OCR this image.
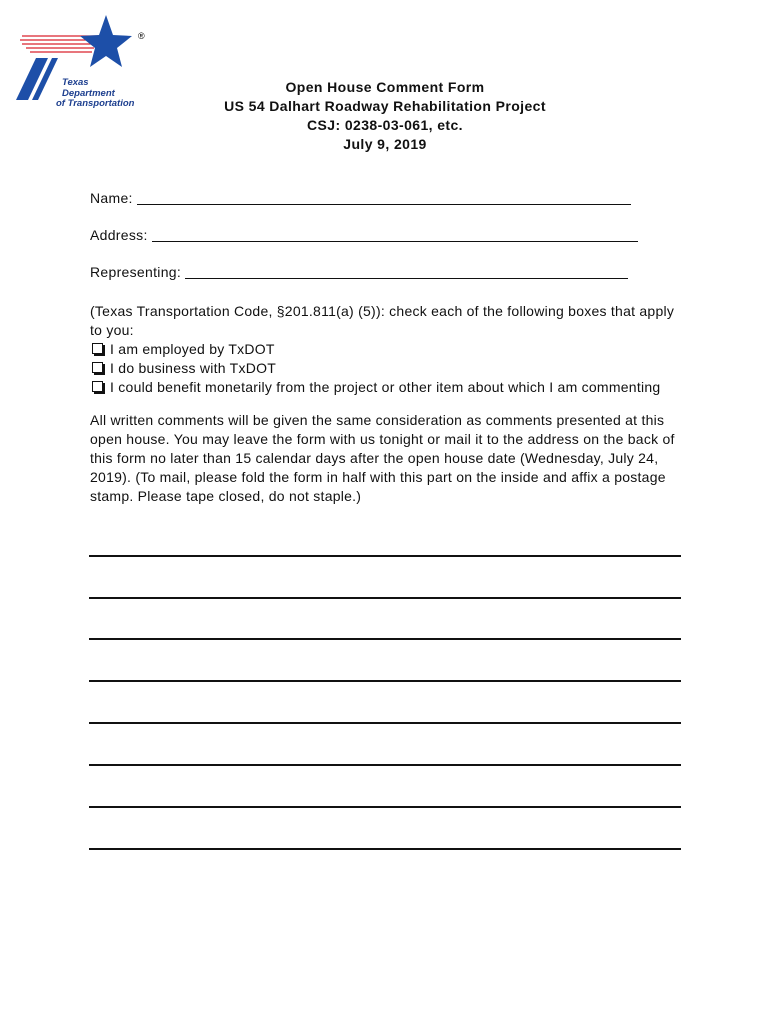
Texas
Department
of Transportation
®
Open House Comment Form
US 54 Dalhart Roadway Rehabilitation Project
CSJ: 0238-03-061, etc.
July 9, 2019
Name:
Address:
Representing:
(Texas Transportation Code, §201.811(a) (5)): check each of the following boxes that apply to you:
I am employed by TxDOT
I do business with TxDOT
I could benefit monetarily from the project or other item about which I am commenting
All written comments will be given the same consideration as comments presented at this open house. You may leave the form with us tonight or mail it to the address on the back of this form no later than 15 calendar days after the open house date (Wednesday, July 24, 2019). (To mail, please fold the form in half with this part on the inside and affix a postage stamp. Please tape closed, do not staple.)
